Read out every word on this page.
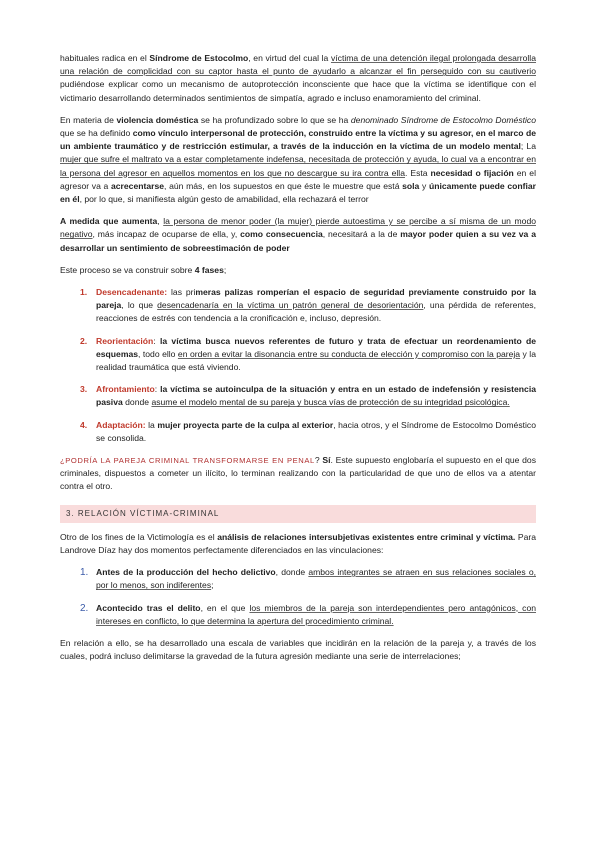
habituales radica en el Síndrome de Estocolmo, en virtud del cual la víctima de una detención ilegal prolongada desarrolla una relación de complicidad con su captor hasta el punto de ayudarlo a alcanzar el fin perseguido con su cautiverio pudiéndose explicar como un mecanismo de autoprotección inconsciente que hace que la víctima se identifique con el victimario desarrollando determinados sentimientos de simpatía, agrado e incluso enamoramiento del criminal.

En materia de violencia doméstica se ha profundizado sobre lo que se ha denominado Síndrome de Estocolmo Doméstico que se ha definido como vínculo interpersonal de protección, construido entre la víctima y su agresor, en el marco de un ambiente traumático y de restricción estimular, a través de la inducción en la víctima de un modelo mental; La mujer que sufre el maltrato va a estar completamente indefensa, necesitada de protección y ayuda, lo cual va a encontrar en la persona del agresor en aquellos momentos en los que no descargue su ira contra ella. Esta necesidad o fijación en el agresor va a acrecentarse, aún más, en los supuestos en que éste le muestre que está sola y únicamente puede confiar en él, por lo que, si manifiesta algún gesto de amabilidad, ella rechazará el terror

A medida que aumenta, la persona de menor poder (la mujer) pierde autoestima y se percibe a sí misma de un modo negativo, más incapaz de ocuparse de ella, y, como consecuencia, necesitará a la de mayor poder quien a su vez va a desarrollar un sentimiento de sobreestimación de poder

Este proceso se va construir sobre 4 fases;

1. Desencadenante: las primeras palizas romperían el espacio de seguridad previamente construido por la pareja, lo que desencadenaría en la víctima un patrón general de desorientación, una pérdida de referentes, reacciones de estrés con tendencia a la cronificación e, incluso, depresión.
2. Reorientación: la víctima busca nuevos referentes de futuro y trata de efectuar un reordenamiento de esquemas, todo ello en orden a evitar la disonancia entre su conducta de elección y compromiso con la pareja y la realidad traumática que está viviendo.
3. Afrontamiento: la víctima se autoinculpa de la situación y entra en un estado de indefensión y resistencia pasiva donde asume el modelo mental de su pareja y busca vías de protección de su integridad psicológica.
4. Adaptación: la mujer proyecta parte de la culpa al exterior, hacia otros, y el Síndrome de Estocolmo Doméstico se consolida.

¿PODRÍA LA PAREJA CRIMINAL TRANSFORMARSE EN PENAL? Sí. Este supuesto englobaría el supuesto en el que dos criminales, dispuestos a cometer un ilícito, lo terminan realizando con la particularidad de que uno de ellos va a atentar contra el otro.

3. RELACIÓN VÍCTIMA-CRIMINAL

Otro de los fines de la Victimología es el análisis de relaciones intersubjetivas existentes entre criminal y víctima. Para Landrove Díaz hay dos momentos perfectamente diferenciados en las vinculaciones:

1. Antes de la producción del hecho delictivo, donde ambos integrantes se atraen en sus relaciones sociales o, por lo menos, son indiferentes;
2. Acontecido tras el delito, en el que los miembros de la pareja son interdependientes pero antagónicos, con intereses en conflicto, lo que determina la apertura del procedimiento criminal.

En relación a ello, se ha desarrollado una escala de variables que incidirán en la relación de la pareja y, a través de los cuales, podrá incluso delimitarse la gravedad de la futura agresión mediante una serie de interrelaciones;
